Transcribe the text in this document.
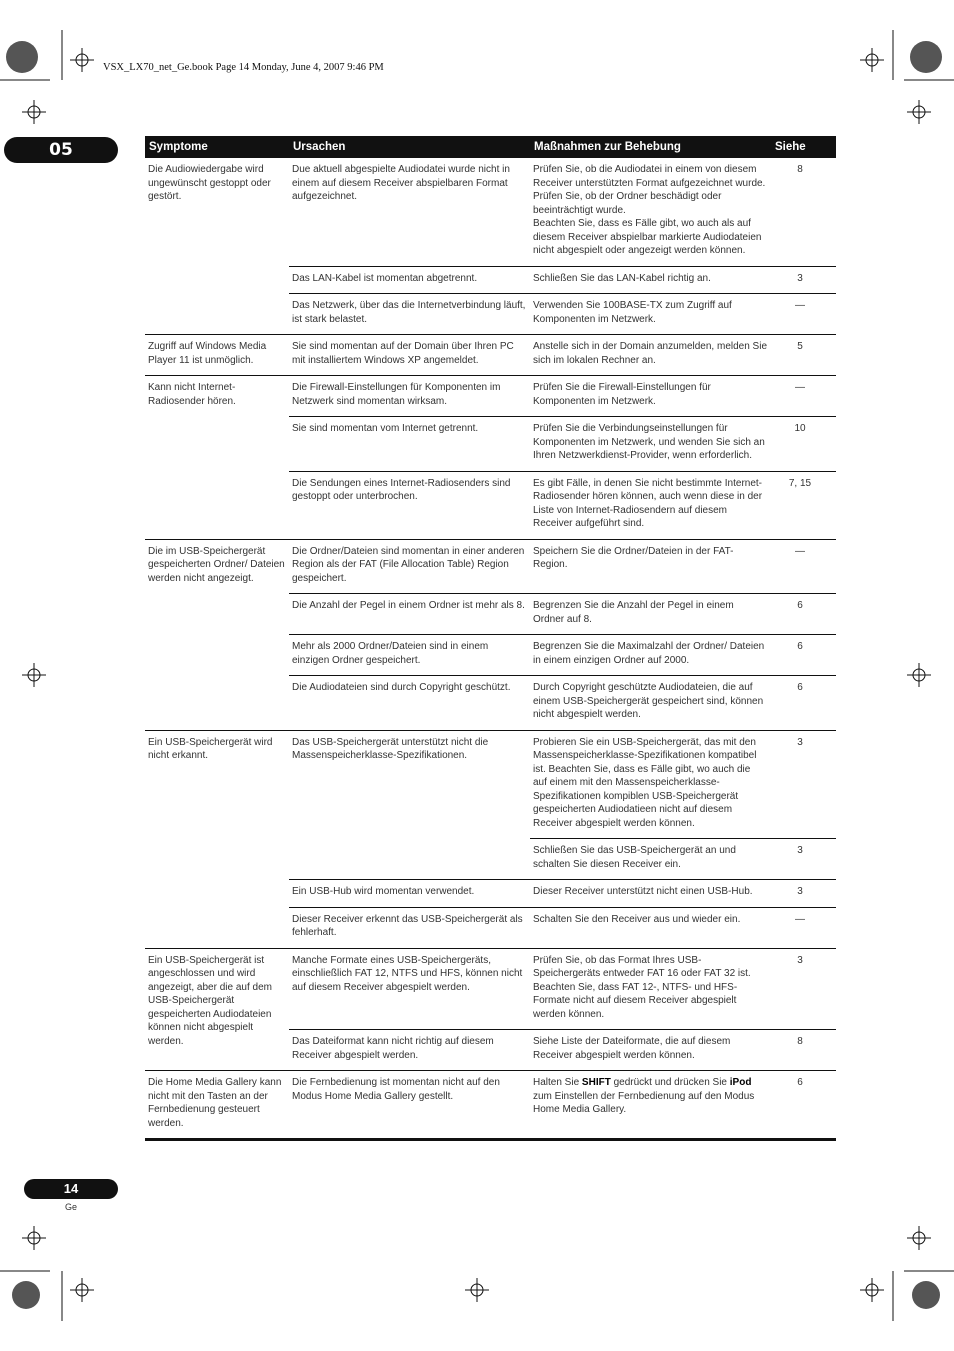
VSX_LX70_net_Ge.book Page 14 Monday, June 4, 2007 9:46 PM
05	Symptome	Ursachen	Maßnahmen zur Behebung	Siehe
Die Audiowiedergabe wird ungewünscht gestoppt oder gestört.	Due aktuell abgespielte Audiodatei wurde nicht in einem auf diesem Receiver abspielbaren Format aufgezeichnet.	Prüfen Sie, ob die Audiodatei in einem von diesem Receiver unterstützten Format aufgezeichnet wurde.
Prüfen Sie, ob der Ordner beschädigt oder beeinträchtigt wurde.
Beachten Sie, dass es Fälle gibt, wo auch als auf diesem Receiver abspielbar markierte Audiodateien nicht abgespielt oder angezeigt werden können.	8
	Das LAN-Kabel ist momentan abgetrennt.	Schließen Sie das LAN-Kabel richtig an.	3
	Das Netzwerk, über das die Internetverbindung läuft, ist stark belastet.	Verwenden Sie 100BASE-TX zum Zugriff auf Komponenten im Netzwerk.	—
Zugriff auf Windows Media Player 11 ist unmöglich.	Sie sind momentan auf der Domain über Ihren PC mit installiertem Windows XP angemeldet.	Anstelle sich in der Domain anzumelden, melden Sie sich im lokalen Rechner an.	5
Kann nicht Internet-Radiosender hören.	Die Firewall-Einstellungen für Komponenten im Netzwerk sind momentan wirksam.	Prüfen Sie die Firewall-Einstellungen für Komponenten im Netzwerk.	—
	Sie sind momentan vom Internet getrennt.	Prüfen Sie die Verbindungseinstellungen für Komponenten im Netzwerk, und wenden Sie sich an Ihren Netzwerkdienst-Provider, wenn erforderlich.	10
	Die Sendungen eines Internet-Radiosenders sind gestoppt oder unterbrochen.	Es gibt Fälle, in denen Sie nicht bestimmte Internet-Radiosender hören können, auch wenn diese in der Liste von Internet-Radiosendern auf diesem Receiver aufgeführt sind.	7, 15
Die im USB-Speichergerät gespeicherten Ordner/ Dateien werden nicht angezeigt.	Die Ordner/Dateien sind momentan in einer anderen Region als der FAT (File Allocation Table) Region gespeichert.	Speichern Sie die Ordner/Dateien in der FAT-Region.	—
	Die Anzahl der Pegel in einem Ordner ist mehr als 8.	Begrenzen Sie die Anzahl der Pegel in einem Ordner auf 8.	6
	Mehr als 2000 Ordner/Dateien sind in einem einzigen Ordner gespeichert.	Begrenzen Sie die Maximalzahl der Ordner/ Dateien in einem einzigen Ordner auf 2000.	6
	Die Audiodateien sind durch Copyright geschützt.	Durch Copyright geschützte Audiodateien, die auf einem USB-Speichergerät gespeichert sind, können nicht abgespielt werden.	6
Ein USB-Speichergerät wird nicht erkannt.	Das USB-Speichergerät unterstützt nicht die Massenspeicherklasse-Spezifikationen.	Probieren Sie ein USB-Speichergerät, das mit den Massenspeicherklasse-Spezifikationen kompatibel ist. Beachten Sie, dass es Fälle gibt, wo auch die auf einem mit den Massenspeicherklasse-Spezifikationen kompiblen USB-Speichergerät gespeicherten Audiodatieen nicht auf diesem Receiver abgespielt werden können.	3
		Schließen Sie das USB-Speichergerät an und schalten Sie diesen Receiver ein.	3
	Ein USB-Hub wird momentan verwendet.	Dieser Receiver unterstützt nicht einen USB-Hub.	3
	Dieser Receiver erkennt das USB-Speichergerät als fehlerhaft.	Schalten Sie den Receiver aus und wieder ein.	—
Ein USB-Speichergerät ist angeschlossen und wird angezeigt, aber die auf dem USB-Speichergerät gespeicherten Audiodateien können nicht abgespielt werden.	Manche Formate eines USB-Speichergeräts, einschließlich FAT 12, NTFS und HFS, können nicht auf diesem Receiver abgespielt werden.	Prüfen Sie, ob das Format Ihres USB-Speichergeräts entweder FAT 16 oder FAT 32 ist. Beachten Sie, dass FAT 12-, NTFS- und HFS-Formate nicht auf diesem Receiver abgespielt werden können.	3
	Das Dateiformat kann nicht richtig auf diesem Receiver abgespielt werden.	Siehe Liste der Dateiformate, die auf diesem Receiver abgespielt werden können.	8
Die Home Media Gallery kann nicht mit den Tasten an der Fernbedienung gesteuert werden.	Die Fernbedienung ist momentan nicht auf den Modus Home Media Gallery gestellt.	Halten Sie SHIFT gedrückt und drücken Sie iPod zum Einstellen der Fernbedienung auf den Modus Home Media Gallery.	6
14
Ge
